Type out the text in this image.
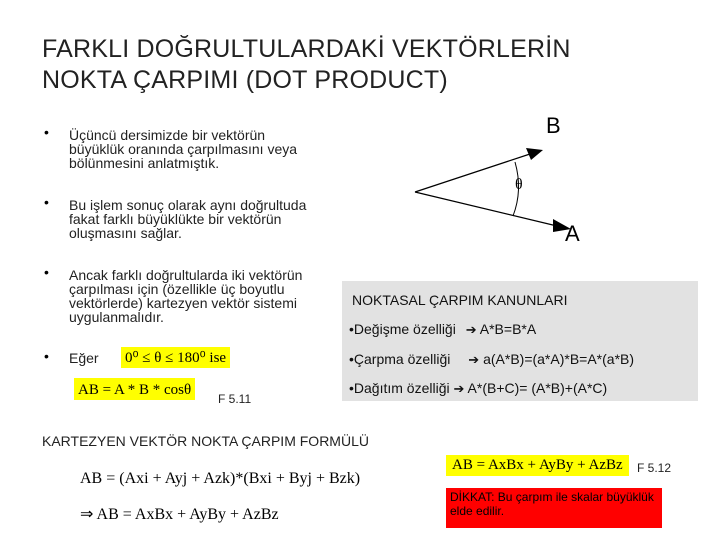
FARKLI DOĞRULTULARDAKİ VEKTÖRLERİN
NOKTA ÇARPIMI (DOT PRODUCT)
• Üçüncü dersimizde bir vektörün
büyüklük oranında çarpılmasını veya
bölünmesini anlatmıştık.
• Bu işlem sonuç olarak aynı doğrultuda
fakat farklı büyüklükte bir vektörün
oluşmasını sağlar.
• Ancak farklı doğrultularda iki vektörün
çarpılması için (özellikle üç boyutlu
vektörlerde) kartezyen vektör sistemi
uygulanmalıdır.
• Eğer 0⁰ ≤ θ ≤ 180⁰ ise
AB = A * B * cosθ
F 5.11
B
A
θ
NOKTASAL ÇARPIM KANUNLARI
•Değişme özelliği ➔ A*B=B*A
•Çarpma özelliği ➔ a(A*B)=(a*A)*B=A*(a*B)
•Dağıtım özelliği ➔ A*(B+C)= (A*B)+(A*C)
KARTEZYEN VEKTÖR NOKTA ÇARPIM FORMÜLÜ
AB = AxBx + AyBy + AzBz	F 5.12
AB = (Axi + Ayj + Azk)*(Bxi + Byj + Bzk)
⇒ AB = AxBx + AyBy + AzBz
DİKKAT: Bu çarpım ile skalar büyüklük elde edilir.
